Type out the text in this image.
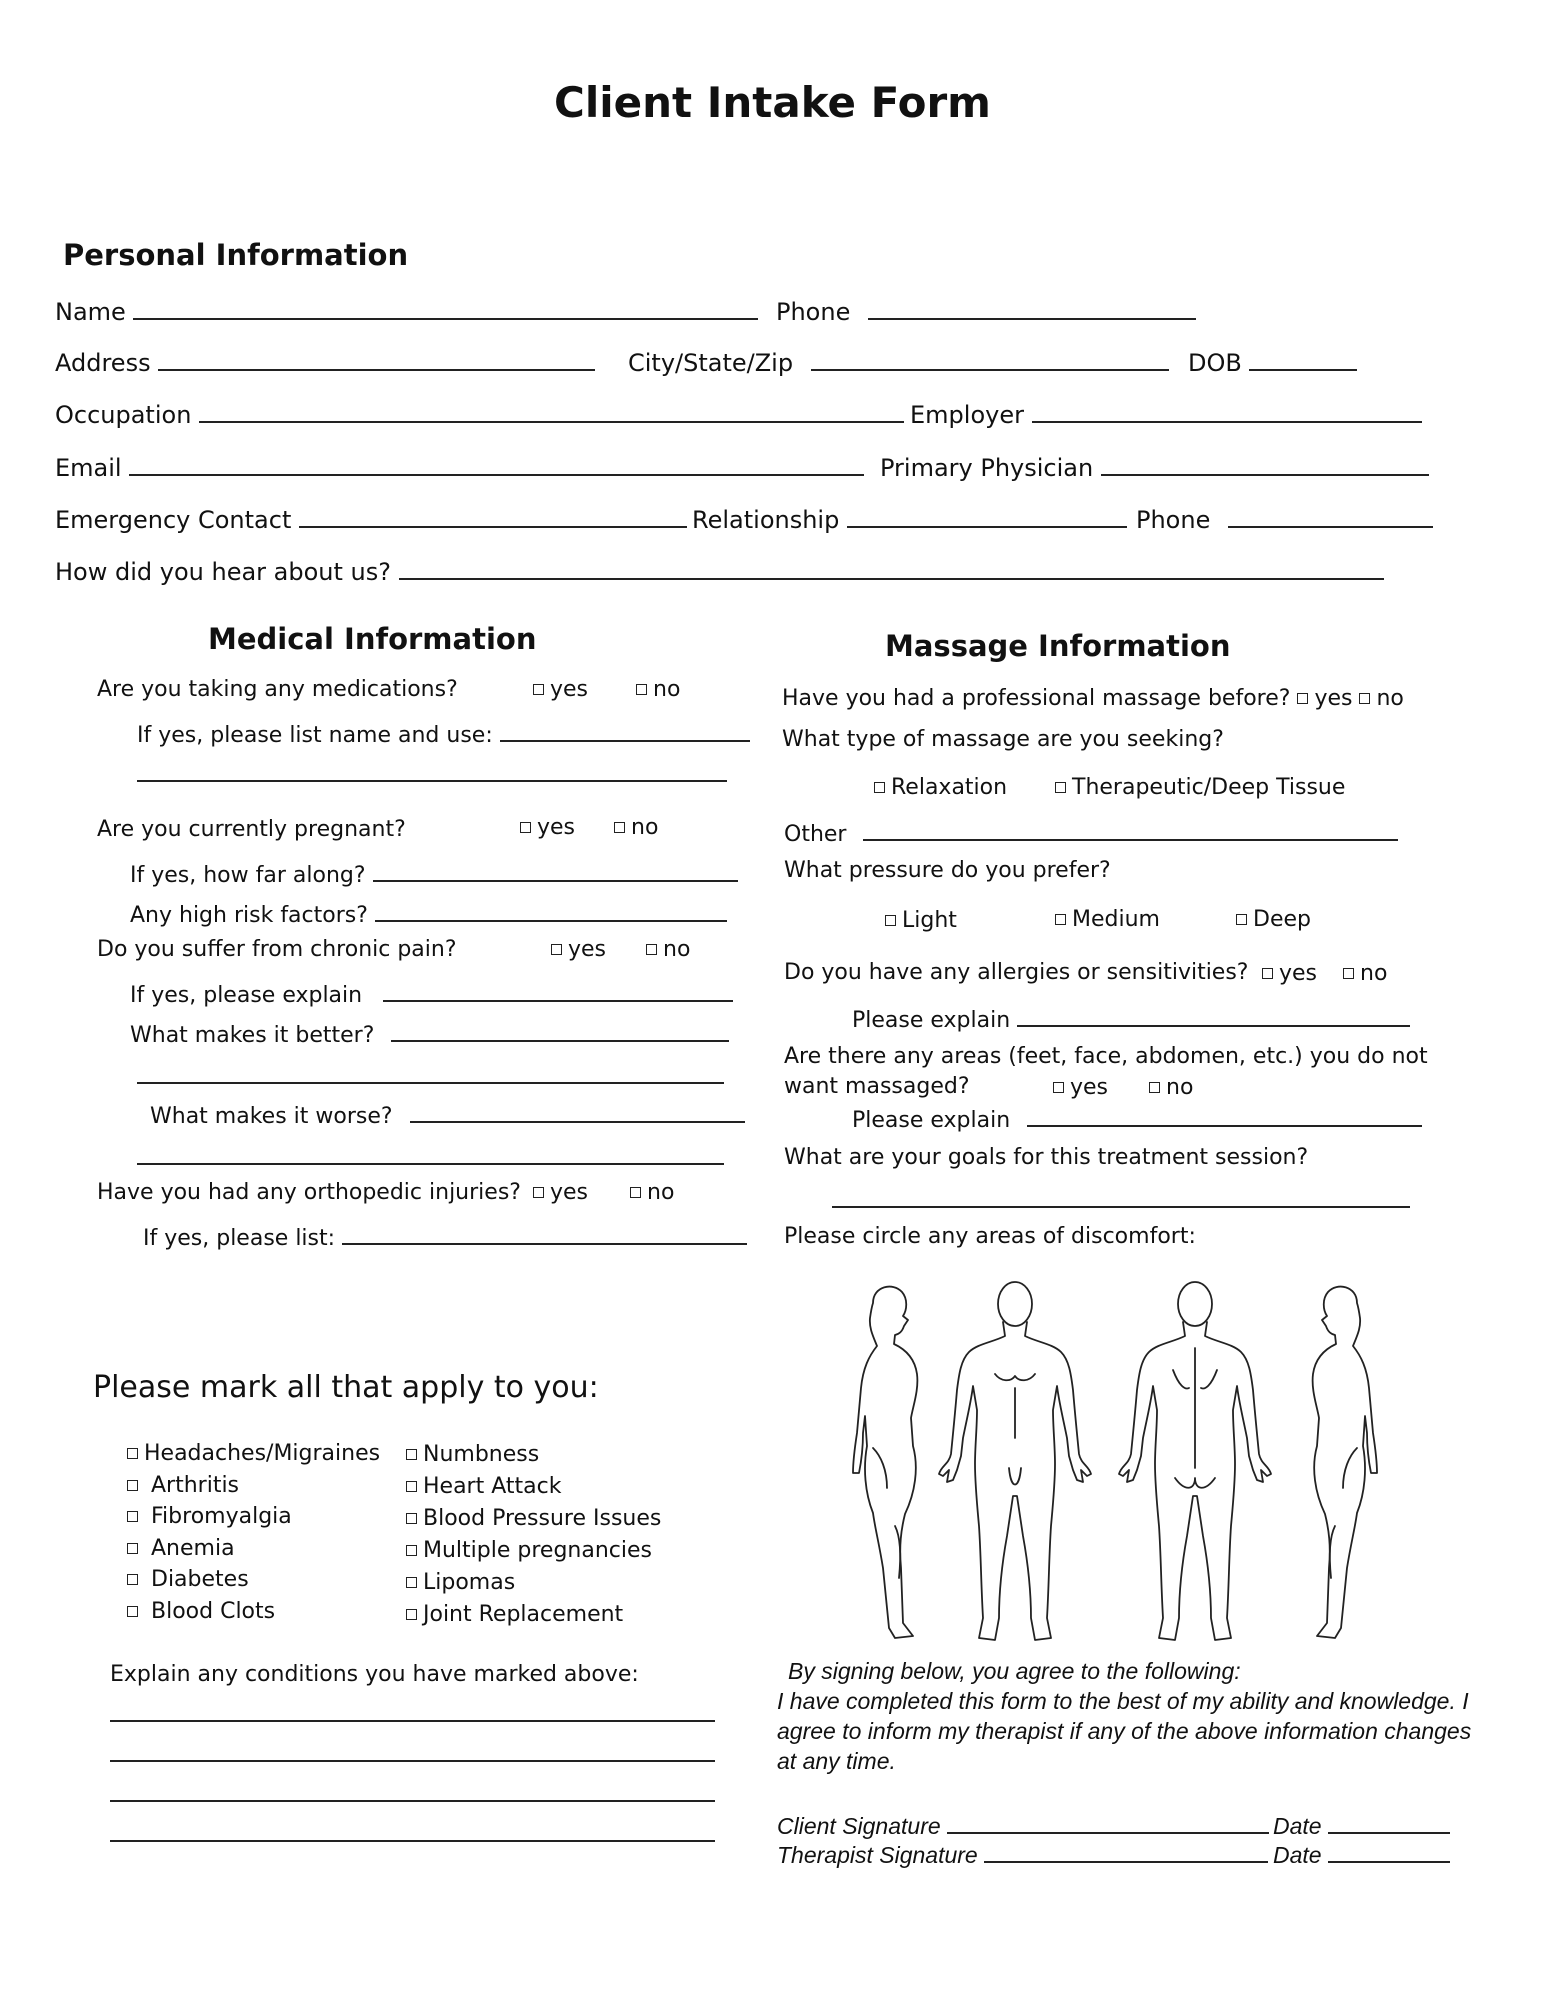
Client Intake Form
Personal Information
Name	Phone
Address	City/State/Zip	DOB
Occupation	Employer
Email	Primary Physician
Emergency Contact	Relationship	Phone
How did you hear about us?
Medical Information
Are you taking any medications?	yes	no
If yes, please list name and use:
Are you currently pregnant?	yes	no
If yes, how far along?
Any high risk factors?
Do you suffer from chronic pain?	yes	no
If yes, please explain
What makes it better?
What makes it worse?
Have you had any orthopedic injuries?	yes	no
If yes, please list:
Massage Information
Have you had a professional massage before? yes no
What type of massage are you seeking?
Relaxation	Therapeutic/Deep Tissue
Other
What pressure do you prefer?
Light	Medium	Deep
Do you have any allergies or sensitivities?	yes	no
Please explain
Are there any areas (feet, face, abdomen, etc.) you do not
want massaged?	yes	no
Please explain
What are your goals for this treatment session?
Please circle any areas of discomfort:
Please mark all that apply to you:
Headaches/Migraines
Arthritis
Fibromyalgia
Anemia
Diabetes
Blood Clots
Numbness
Heart Attack
Blood Pressure Issues
Multiple pregnancies
Lipomas
Joint Replacement
Explain any conditions you have marked above:	By signing below, you agree to the following:
I have completed this form to the best of my ability and knowledge. I
agree to inform my therapist if any of the above information changes
at any time.
Client Signature	Date
Therapist Signature	Date
